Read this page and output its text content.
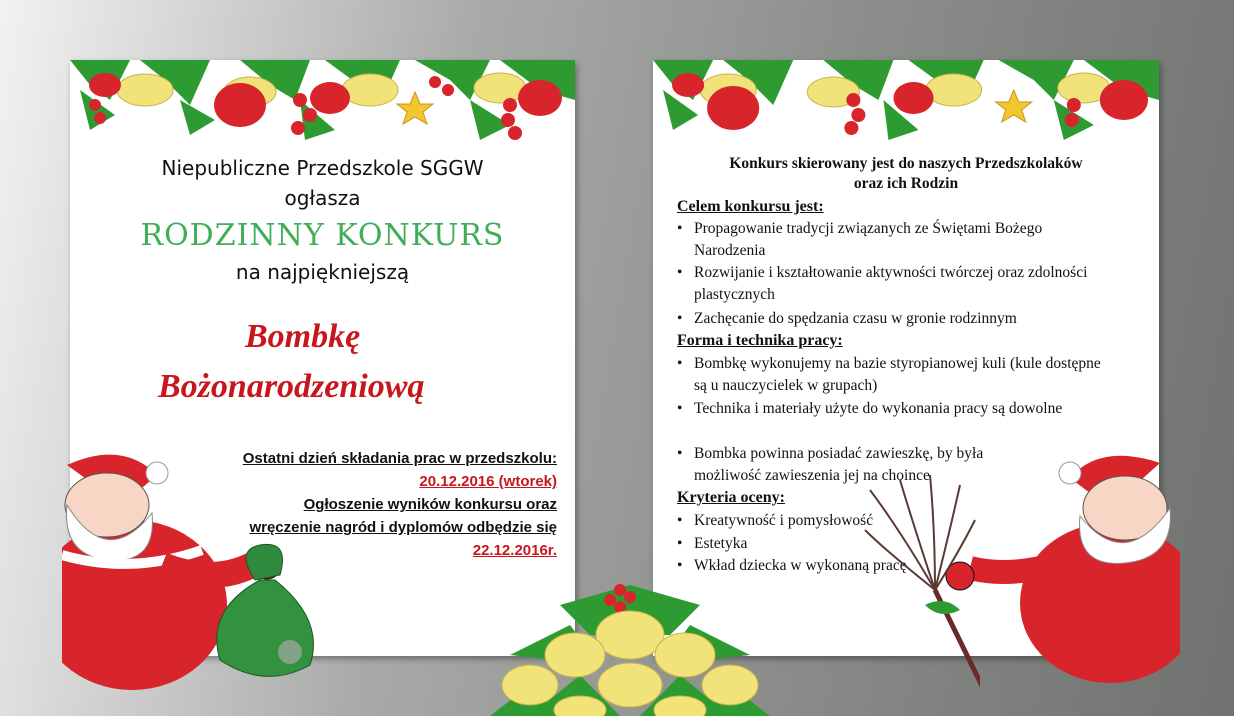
Niepubliczne Przedszkole SGGW
ogłasza
RODZINNY KONKURS
na najpiękniejszą
Bombkę
Bożonarodzeniową
Ostatni dzień składania prac w przedszkolu:
20.12.2016 (wtorek)
Ogłoszenie wyników konkursu oraz
wręczenie nagród i dyplomów odbędzie się
22.12.2016r.
Konkurs skierowany jest do naszych Przedszkolaków
oraz ich Rodzin
Celem konkursu jest:
• Propagowanie tradycji związanych ze Świętami Bożego Narodzenia
• Rozwijanie i kształtowanie aktywności twórczej oraz zdolności plastycznych
• Zachęcanie do spędzania czasu w gronie rodzinnym
Forma i technika pracy:
• Bombkę wykonujemy na bazie styropianowej kuli (kule dostępne są u nauczycielek w grupach)
• Technika i materiały użyte do wykonania pracy są dowolne
• Bombka powinna posiadać zawieszkę, by była możliwość zawieszenia jej na choince
Kryteria oceny:
• Kreatywność i pomysłowość
• Estetyka
• Wkład dziecka w wykonaną pracę
